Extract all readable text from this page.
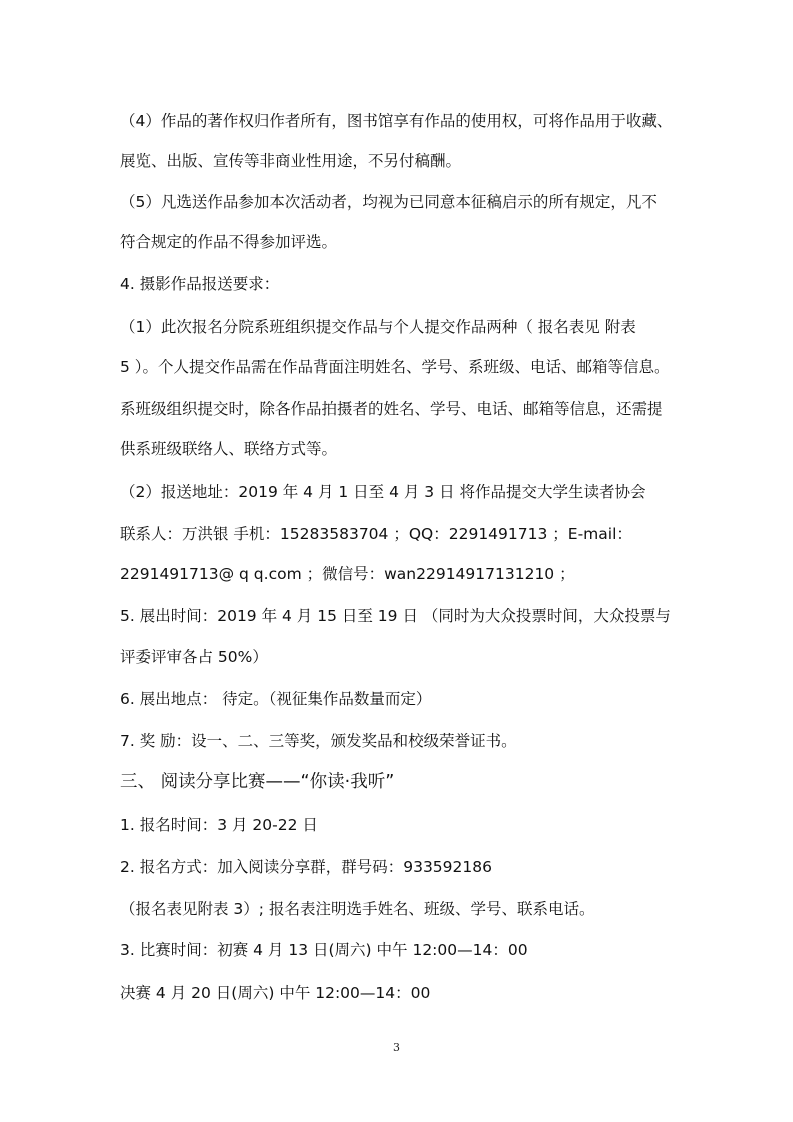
（4）作品的著作权归作者所有，图书馆享有作品的使用权，可将作品用于收藏、
展览、出版、宣传等非商业性用途，不另付稿酬。
（5）凡选送作品参加本次活动者，均视为已同意本征稿启示的所有规定，凡不
符合规定的作品不得参加评选。
4. 摄影作品报送要求：
（1）此次报名分院系班组织提交作品与个人提交作品两种（ 报名表见 附表
5 ）。个人提交作品需在作品背面注明姓名、学号、系班级、电话、邮箱等信息。
系班级组织提交时，除各作品拍摄者的姓名、学号、电话、邮箱等信息，还需提
供系班级联络人、联络方式等。
（2）报送地址：2019 年 4 月 1 日至 4 月 3 日 将作品提交大学生读者协会
联系人：万洪银 手机：15283583704 ；QQ：2291491713 ；E-mail：
2291491713@ q q.com ；微信号：wan22914917131210 ；
5. 展出时间：2019 年 4 月 15 日至 19 日 （同时为大众投票时间，大众投票与
评委评审各占 50%）
6. 展出地点： 待定。（视征集作品数量而定）
7. 奖 励：设一、二、三等奖，颁发奖品和校级荣誉证书。
三、 阅读分享比赛——“你读·我听”
1. 报名时间：3 月 20-22 日
2. 报名方式：加入阅读分享群，群号码：933592186
（报名表见附表 3）; 报名表注明选手姓名、班级、学号、联系电话。
3. 比赛时间：初赛 4 月 13 日(周六) 中午 12:00—14：00
决赛 4 月 20 日(周六) 中午 12:00—14：00
3
